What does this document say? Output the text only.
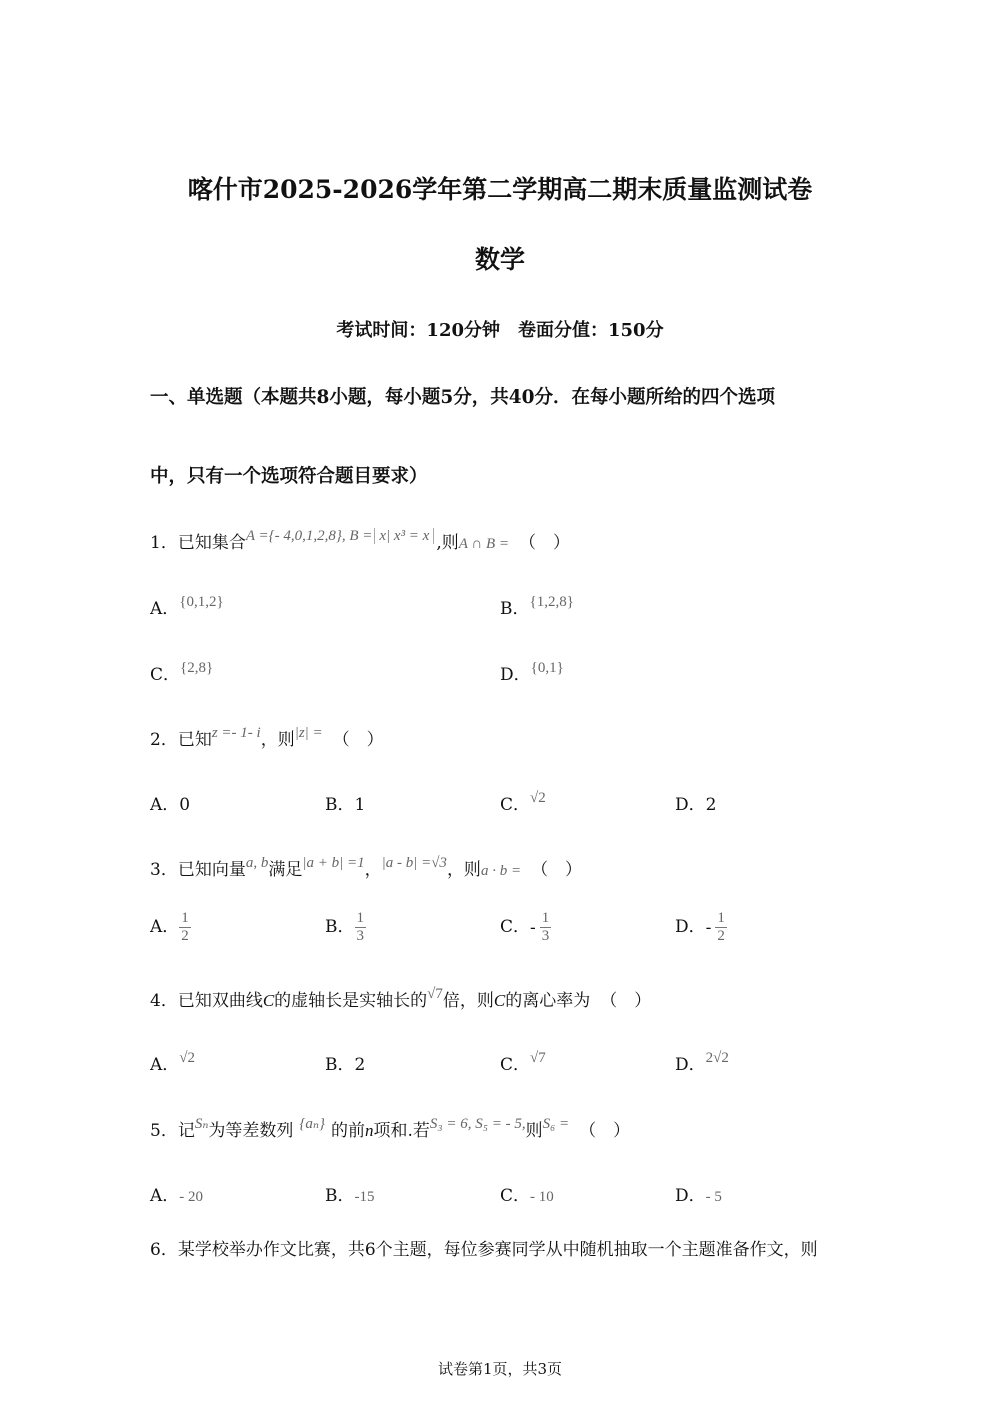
喀什市2025-2026学年第二学期高二期末质量监测试卷
数学
考试时间：120分钟　卷面分值：150分
一、单选题（本题共8小题，每小题5分，共40分．在每小题所给的四个选项
中，只有一个选项符合题目要求）
1．已知集合A ={- 4,0,1,2,8}, B = x| x³ = x ,则A ∩ B = （　）
A．{0,1,2}	B．{1,2,8}
C．{2,8}	D．{0,1}
2．已知z =- 1- i，则|z| = （　）
A．0	B．1	C．√2	D．2
3．已知向量a, b满足|a + b| =1，|a - b| =√3，则a · b = （　）
A． $\frac{1}{2}$	B． $\frac{1}{3}$	C．- $\frac{1}{3}$	D．- $\frac{1}{2}$
4．已知双曲线C的虚轴长是实轴长的√7倍，则C的离心率为 （　）
A．√2	B．2	C．√7	D．2√2
5．记Sₙ为等差数列 {aₙ} 的前n项和.若S₃ = 6, S₅ = - 5,则S₆ = （　）
A．- 20	B．-15	C．- 10	D．- 5
6．某学校举办作文比赛，共6个主题，每位参赛同学从中随机抽取一个主题准备作文，则
试卷第1页，共3页
